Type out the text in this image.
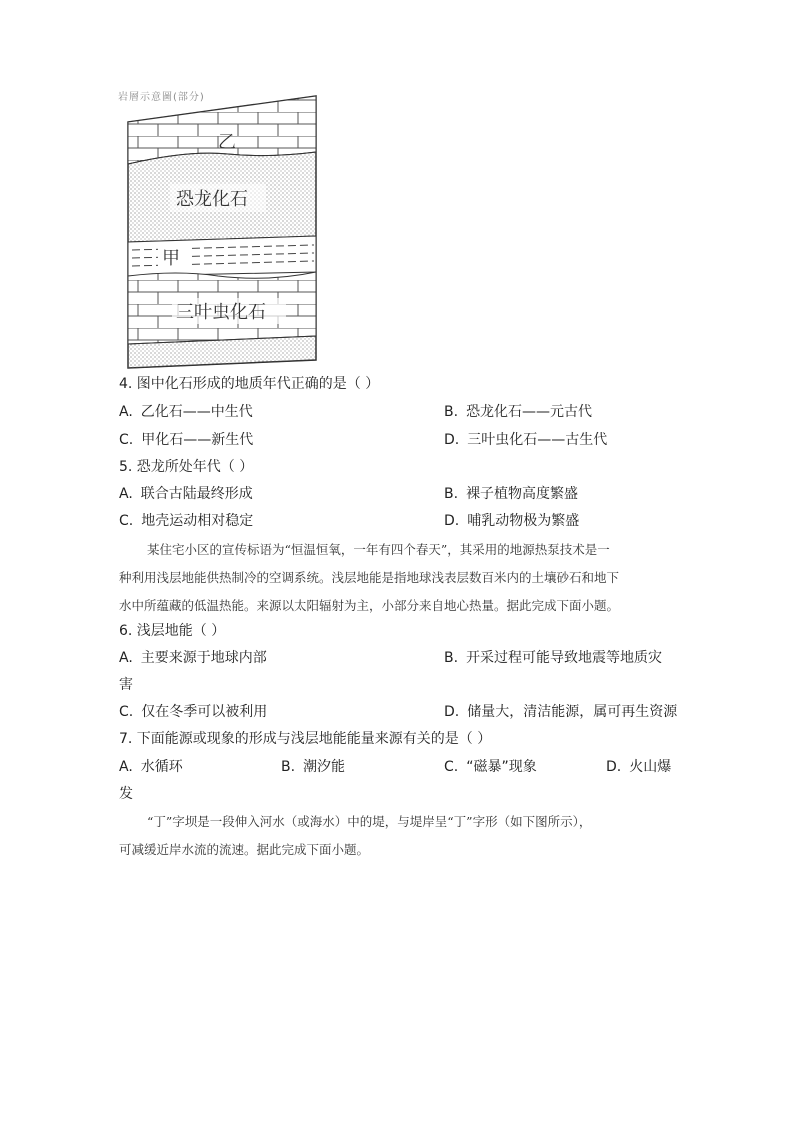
乙
恐龙化石
甲
三叶虫化石
岩層示意圖(部分)
4. 图中化石形成的地质年代正确的是（ ）
A. 乙化石——中生代	B. 恐龙化石——元古代
C. 甲化石——新生代	D. 三叶虫化石——古生代
5. 恐龙所处年代（ ）
A. 联合古陆最终形成	B. 裸子植物高度繁盛
C. 地壳运动相对稳定	D. 哺乳动物极为繁盛
某住宅小区的宣传标语为“恒温恒氧，一年有四个春天”，其采用的地源热泵技术是一
种利用浅层地能供热制冷的空调系统。浅层地能是指地球浅表层数百米内的土壤砂石和地下
水中所蕴藏的低温热能。来源以太阳辐射为主，小部分来自地心热量。据此完成下面小题。
6. 浅层地能（ ）
A. 主要来源于地球内部	B. 开采过程可能导致地震等地质灾
害
C. 仅在冬季可以被利用	D. 储量大，清洁能源，属可再生资源
7. 下面能源或现象的形成与浅层地能能量来源有关的是（ ）
A. 水循环	B. 潮汐能	C. “磁暴”现象	D. 火山爆
发
“丁”字坝是一段伸入河水（或海水）中的堤，与堤岸呈“丁”字形（如下图所示），
可减缓近岸水流的流速。据此完成下面小题。
